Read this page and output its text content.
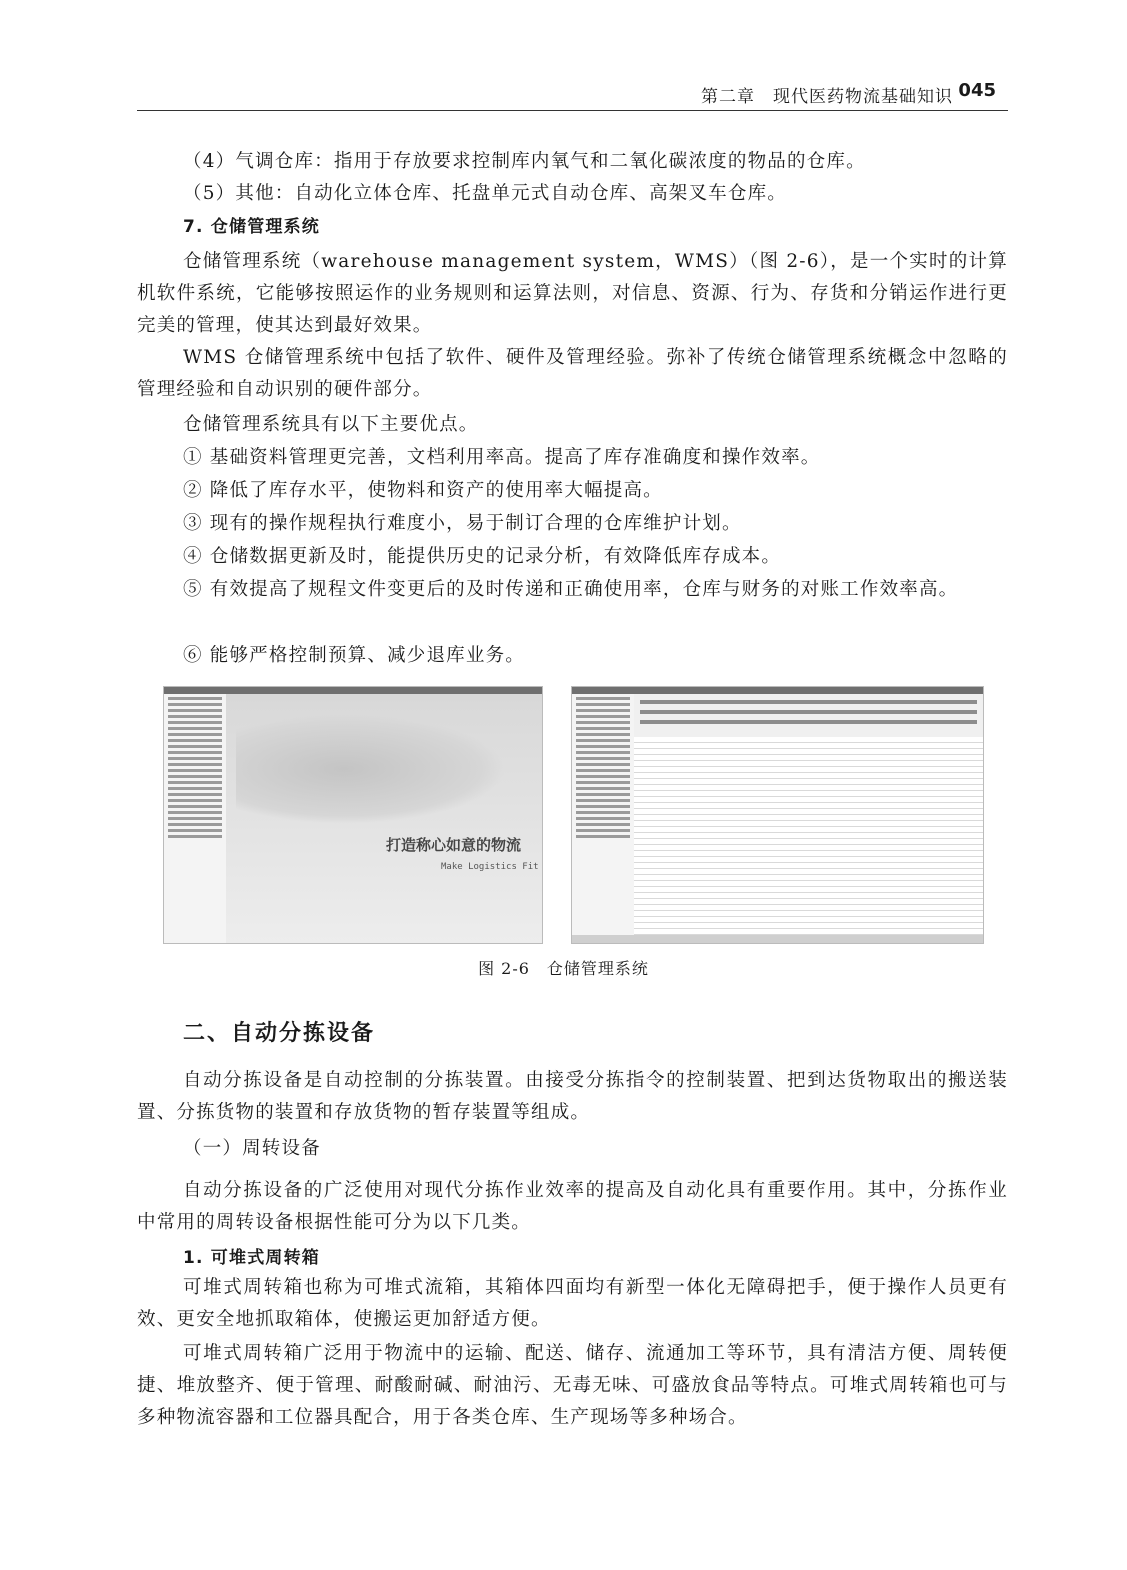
第二章　现代医药物流基础知识 045
（4）气调仓库：指用于存放要求控制库内氧气和二氧化碳浓度的物品的仓库。
（5）其他：自动化立体仓库、托盘单元式自动仓库、高架叉车仓库。
7. 仓储管理系统
仓储管理系统（warehouse management system，WMS）（图 2-6），是一个实时的计算机软件系统，它能够按照运作的业务规则和运算法则，对信息、资源、行为、存货和分销运作进行更完美的管理，使其达到最好效果。
WMS 仓储管理系统中包括了软件、硬件及管理经验。弥补了传统仓储管理系统概念中忽略的管理经验和自动识别的硬件部分。
仓储管理系统具有以下主要优点。
① 基础资料管理更完善，文档利用率高。提高了库存准确度和操作效率。
② 降低了库存水平，使物料和资产的使用率大幅提高。
③ 现有的操作规程执行难度小，易于制订合理的仓库维护计划。
④ 仓储数据更新及时，能提供历史的记录分析，有效降低库存成本。
⑤ 有效提高了规程文件变更后的及时传递和正确使用率，仓库与财务的对账工作效率高。
⑥ 能够严格控制预算、减少退库业务。
打造称心如意的物流
Make Logistics Fit
图 2-6　仓储管理系统
二、自动分拣设备
自动分拣设备是自动控制的分拣装置。由接受分拣指令的控制装置、把到达货物取出的搬送装置、分拣货物的装置和存放货物的暂存装置等组成。
（一）周转设备
自动分拣设备的广泛使用对现代分拣作业效率的提高及自动化具有重要作用。其中，分拣作业中常用的周转设备根据性能可分为以下几类。
1. 可堆式周转箱
可堆式周转箱也称为可堆式流箱，其箱体四面均有新型一体化无障碍把手，便于操作人员更有效、更安全地抓取箱体，使搬运更加舒适方便。
可堆式周转箱广泛用于物流中的运输、配送、储存、流通加工等环节，具有清洁方便、周转便捷、堆放整齐、便于管理、耐酸耐碱、耐油污、无毒无味、可盛放食品等特点。可堆式周转箱也可与多种物流容器和工位器具配合，用于各类仓库、生产现场等多种场合。
